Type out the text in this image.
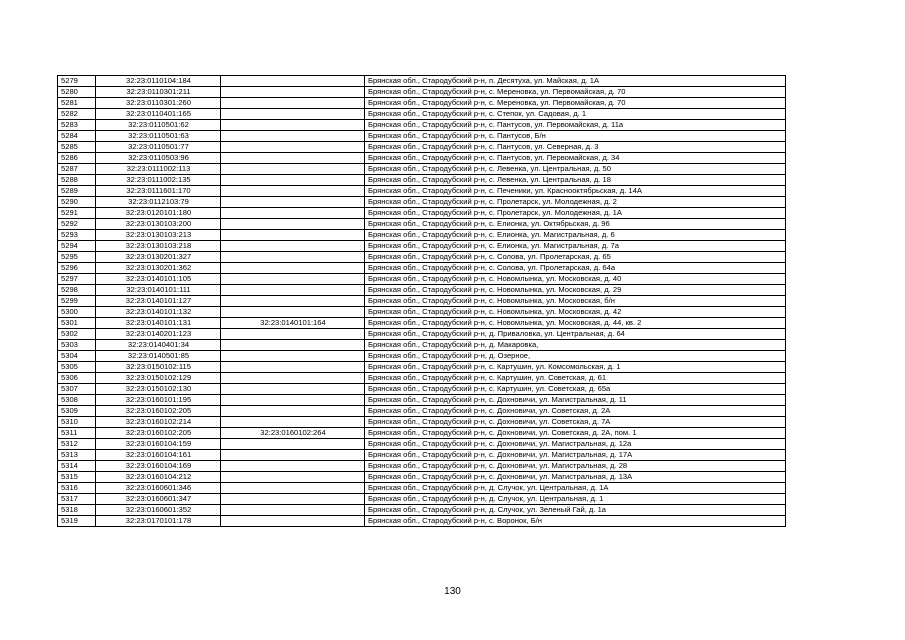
5279	32:23:0110104:184		Брянская обл., Стародубский р-н, п. Десятуха, ул. Майская, д. 1А
5280	32:23:0110301:211		Брянская обл., Стародубский р-н, с. Мереновка, ул. Первомайская, д. 70
5281	32:23:0110301:260		Брянская обл., Стародубский р-н, с. Мереновка, ул. Первомайская, д. 70
5282	32:23:0110401:165		Брянская обл., Стародубский р-н, с. Степок, ул. Садовая, д. 1
5283	32:23:0110501:62		Брянская обл., Стародубский р-н, с. Пантусов, ул. Первомайская, д. 11а
5284	32:23:0110501:63		Брянская обл., Стародубский р-н, с. Пантусов, Б/н
5285	32:23:0110501:77		Брянская обл., Стародубский р-н, с. Пантусов, ул. Северная, д. 3
5286	32:23:0110503:96		Брянская обл., Стародубский р-н, с. Пантусов, ул. Первомайская, д. 34
5287	32:23:0111002:113		Брянская обл., Стародубский р-н, с. Левенка, ул. Центральная, д. 50
5288	32:23:0111002:135		Брянская обл., Стародубский р-н, с. Левенка, ул. Центральная, д. 18
5289	32:23:0111601:170		Брянская обл., Стародубский р-н, с. Печеники, ул. Краснооктябрьская, д. 14А
5290	32:23:0112103:79		Брянская обл., Стародубский р-н, с. Пролетарск, ул. Молодежная, д. 2
5291	32:23:0120101:180		Брянская обл., Стародубский р-н, с. Пролетарск, ул. Молодежная, д. 1А
5292	32:23:0130103:200		Брянская обл., Стародубский р-н, с. Елионка, ул. Октябрьская, д. 96
5293	32:23:0130103:213		Брянская обл., Стародубский р-н, с. Елионка, ул. Магистральная, д. 6
5294	32:23:0130103:218		Брянская обл., Стародубский р-н, с. Елионка, ул. Магистральная, д. 7а
5295	32:23:0130201:327		Брянская обл., Стародубский р-н, с. Солова, ул. Пролетарская, д. 65
5296	32:23:0130201:362		Брянская обл., Стародубский р-н, с. Солова, ул. Пролетарская, д. 64а
5297	32:23:0140101:105		Брянская обл., Стародубский р-н, с. Новомлынка, ул. Московская, д. 40
5298	32:23:0140101:111		Брянская обл., Стародубский р-н, с. Новомлынка, ул. Московская, д. 29
5299	32:23:0140101:127		Брянская обл., Стародубский р-н, с. Новомлынка, ул. Московская, б/н
5300	32:23:0140101:132		Брянская обл., Стародубский р-н, с. Новомлынка, ул. Московская, д. 42
5301	32:23:0140101:131	32:23:0140101:164	Брянская обл., Стародубский р-н, с. Новомлынка, ул. Московская, д. 44, кв. 2
5302	32:23:0140201:123		Брянская обл., Стародубский р-н, д. Приваловка, ул. Центральная, д. 64
5303	32:23:0140401:34		Брянская обл., Стародубский р-н, д. Макаровка,
5304	32:23:0140501:85		Брянская обл., Стародубский р-н, д. Озерное,
5305	32:23:0150102:115		Брянская обл., Стародубский р-н, с. Картушин, ул. Комсомольская, д. 1
5306	32:23:0150102:129		Брянская обл., Стародубский р-н, с. Картушин, ул. Советская, д. 61
5307	32:23:0150102:130		Брянская обл., Стародубский р-н, с. Картушин, ул. Советская, д. 65а
5308	32:23:0160101:195		Брянская обл., Стародубский р-н, с. Дохновичи, ул. Магистральная, д. 11
5309	32:23:0160102:205		Брянская обл., Стародубский р-н, с. Дохновичи, ул. Советская, д. 2А
5310	32:23:0160102:214		Брянская обл., Стародубский р-н, с. Дохновичи, ул. Советская, д. 7А
5311	32:23:0160102:205	32:23:0160102:264	Брянская обл., Стародубский р-н, с. Дохновичи, ул. Советская, д. 2А, пом. 1
5312	32:23:0160104:159		Брянская обл., Стародубский р-н, с. Дохновичи, ул. Магистральная, д. 12а
5313	32:23:0160104:161		Брянская обл., Стародубский р-н, с. Дохновичи, ул. Магистральная, д. 17А
5314	32:23:0160104:169		Брянская обл., Стародубский р-н, с. Дохновичи, ул. Магистральная, д. 28
5315	32:23:0160104:212		Брянская обл., Стародубский р-н, с. Дохновичи, ул. Магистральная, д. 13А
5316	32:23:0160601:346		Брянская обл., Стародубский р-н, д. Случок, ул. Центральная, д. 1А
5317	32:23:0160601:347		Брянская обл., Стародубский р-н, д. Случок, ул. Центральная, д. 1
5318	32:23:0160601:352		Брянская обл., Стародубский р-н, д. Случок, ул. Зеленый Гай, д. 1а
5319	32:23:0170101:178		Брянская обл., Стародубский р-н, с. Воронок, Б/н
130
